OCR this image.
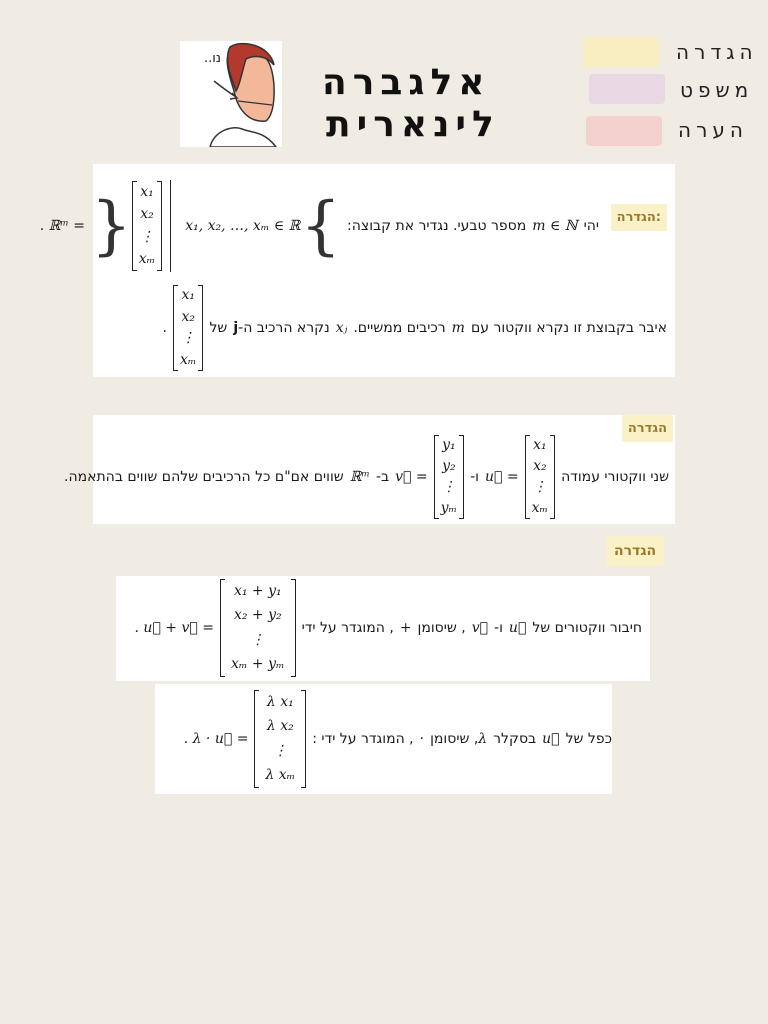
נו..
אלגברה
לינארית
הגדרה
משפט
הערה
הגדרה:
יהי
m ∈ ℕ
מספר טבעי. נגדיר את קבוצה:
}
x₁, x₂, …, xₘ ∈ ℝ
x₁
x₂
⋮
xₘ
{
. ℝᵐ =
איבר בקבוצת זו נקרא ווקטור עם
m
רכיבים ממשיים.
xⱼ
נקרא הרכיב ה-
j
של
x₁
x₂
⋮
xₘ
.
הגדרה
שני ווקטורי עמודה
x₁
x₂
⋮
xₘ
u⃗ =
ו-
y₁
y₂
⋮
yₘ
v⃗ =
ב-
ℝᵐ
שווים אם"ם כל הרכיבים שלהם שווים בהתאמה.
הגדרה
חיבור ווקטורים של
u⃗
ו-
v⃗
, שיסומן
+
, המוגדר על ידי
x₁ + y₁
x₂ + y₂
⋮
xₘ + yₘ
. u⃗ + v⃗ =
כפל של
u⃗
בסקלר
λ
, שיסומן
·
, המוגדר על ידי :
λ x₁
λ x₂
⋮
λ xₘ
. λ · u⃗ =
